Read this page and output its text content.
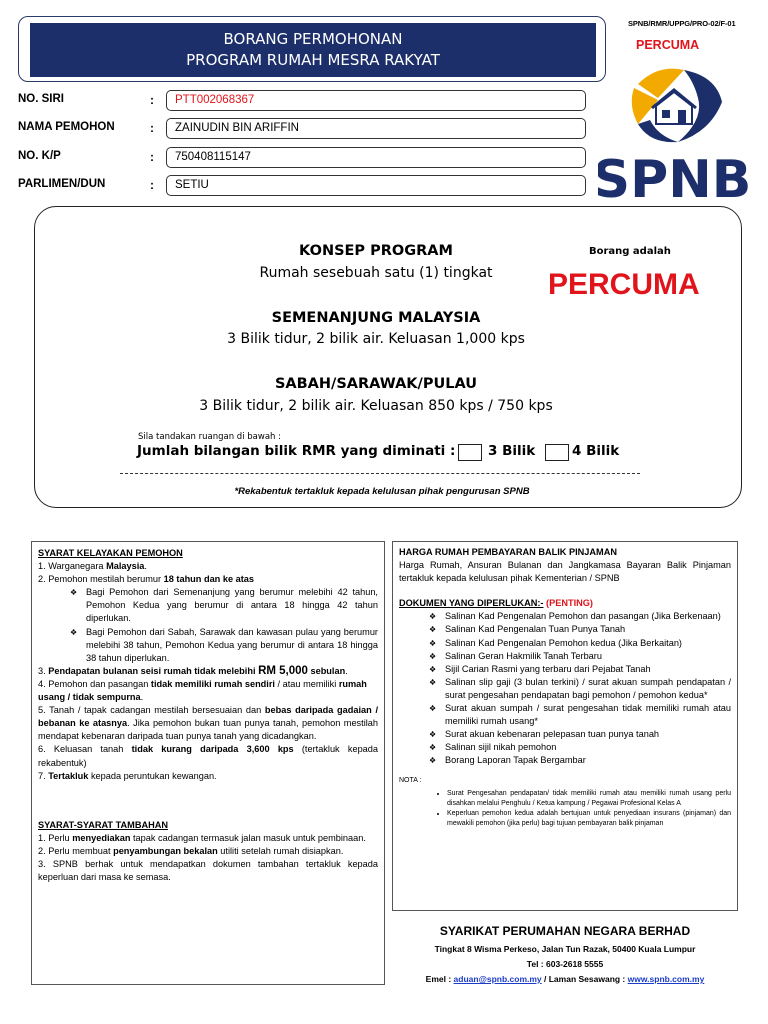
BORANG PERMOHONAN
PROGRAM RUMAH MESRA RAKYAT
SPNB/RMR/UPPG/PRO-02/F-01
PERCUMA
SPNB
NO. SIRI	:	PTT002068367
NAMA PEMOHON	:	ZAINUDIN BIN ARIFFIN
NO. K/P	:	750408115147
PARLIMEN/DUN	:	SETIU
KONSEP PROGRAM
Rumah sesebuah satu (1) tingkat
Borang adalah
PERCUMA
SEMENANJUNG MALAYSIA
3 Bilik tidur, 2 bilik air. Keluasan 1,000 kps
SABAH/SARAWAK/PULAU
3 Bilik tidur, 2 bilik air. Keluasan 850 kps / 750 kps
Sila tandakan ruangan di bawah :
Jumlah bilangan bilik RMR yang diminati : 3 Bilik	4 Bilik
*Rekabentuk tertakluk kepada kelulusan pihak pengurusan SPNB
SYARAT KELAYAKAN PEMOHON
1. Warganegara Malaysia.
2. Pemohon mestilah berumur 18 tahun dan ke atas
❖ Bagi Pemohon dari Semenanjung yang berumur melebihi 42 tahun, Pemohon Kedua yang berumur di antara 18 hingga 42 tahun diperlukan.
❖ Bagi Pemohon dari Sabah, Sarawak dan kawasan pulau yang berumur melebihi 38 tahun, Pemohon Kedua yang berumur di antara 18 hingga 38 tahun diperlukan.
3. Pendapatan bulanan seisi rumah tidak melebihi RM 5,000 sebulan.
4. Pemohon dan pasangan tidak memiliki rumah sendiri / atau memiliki rumah usang / tidak sempurna.
5. Tanah / tapak cadangan mestilah bersesuaian dan bebas daripada gadaian / bebanan ke atasnya. Jika pemohon bukan tuan punya tanah, pemohon mestilah mendapat kebenaran daripada tuan punya tanah yang dicadangkan.
6. Keluasan tanah tidak kurang daripada 3,600 kps (tertakluk kepada rekabentuk)
7. Tertakluk kepada peruntukan kewangan.
SYARAT-SYARAT TAMBAHAN
1. Perlu menyediakan tapak cadangan termasuk jalan masuk untuk pembinaan.
2. Perlu membuat penyambungan bekalan utiliti setelah rumah disiapkan.
3. SPNB berhak untuk mendapatkan dokumen tambahan tertakluk kepada keperluan dari masa ke semasa.
HARGA RUMAH PEMBAYARAN BALIK PINJAMAN
Harga Rumah, Ansuran Bulanan dan Jangkamasa Bayaran Balik Pinjaman tertakluk kepada kelulusan pihak Kementerian / SPNB
DOKUMEN YANG DIPERLUKAN:- (PENTING)
❖ Salinan Kad Pengenalan Pemohon dan pasangan (Jika Berkenaan)
❖ Salinan Kad Pengenalan Tuan Punya Tanah
❖ Salinan Kad Pengenalan Pemohon kedua (Jika Berkaitan)
❖ Salinan Geran Hakmilik Tanah Terbaru
❖ Sijil Carian Rasmi yang terbaru dari Pejabat Tanah
❖ Salinan slip gaji (3 bulan terkini) / surat akuan sumpah pendapatan / surat pengesahan pendapatan bagi pemohon / pemohon kedua*
❖ Surat akuan sumpah / surat pengesahan tidak memiliki rumah atau memiliki rumah usang*
❖ Surat akuan kebenaran pelepasan tuan punya tanah
❖ Salinan sijil nikah pemohon
❖ Borang Laporan Tapak Bergambar
NOTA :
• Surat Pengesahan pendapatan/ tidak memiliki rumah atau memiliki rumah usang perlu disahkan melalui Penghulu / Ketua kampung / Pegawai Profesional Kelas A
• Keperluan pemohon kedua adalah bertujuan untuk penyediaan insurans (pinjaman) dan mewakili pemohon (jika perlu) bagi tujuan pembayaran balik pinjaman
SYARIKAT PERUMAHAN NEGARA BERHAD
Tingkat 8 Wisma Perkeso, Jalan Tun Razak, 50400 Kuala Lumpur
Tel : 603-2618 5555
Emel : aduan@spnb.com.my / Laman Sesawang : www.spnb.com.my
